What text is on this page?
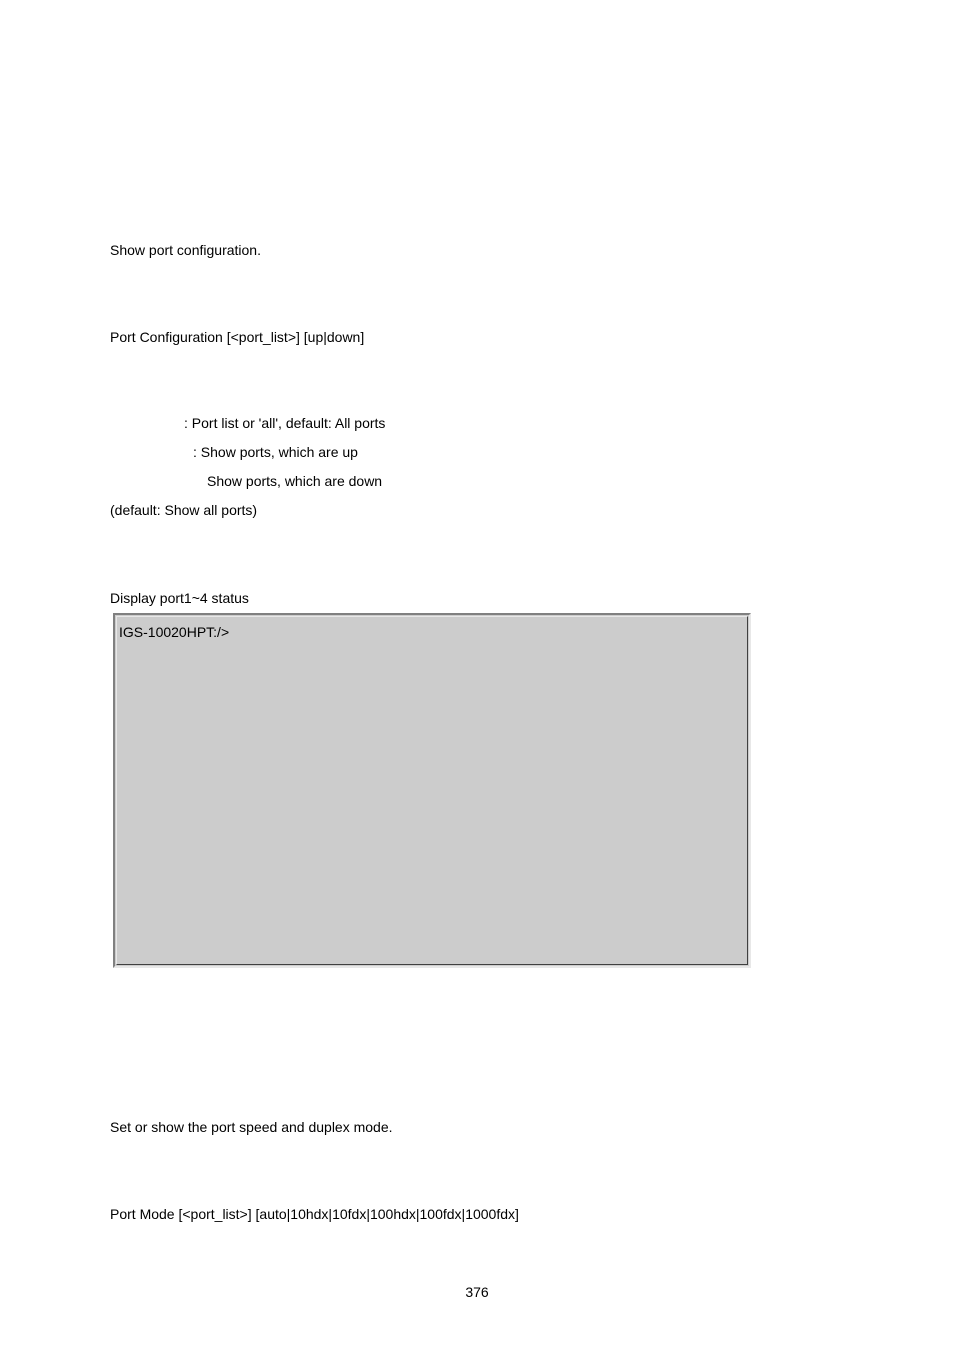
Show port configuration.
Port Configuration [<port_list>] [up|down]
: Port list or 'all', default: All ports
: Show ports, which are up
Show ports, which are down
(default: Show all ports)
Display port1~4 status
IGS-10020HPT:/>
Set or show the port speed and duplex mode.
Port Mode [<port_list>] [auto|10hdx|10fdx|100hdx|100fdx|1000fdx]
376
